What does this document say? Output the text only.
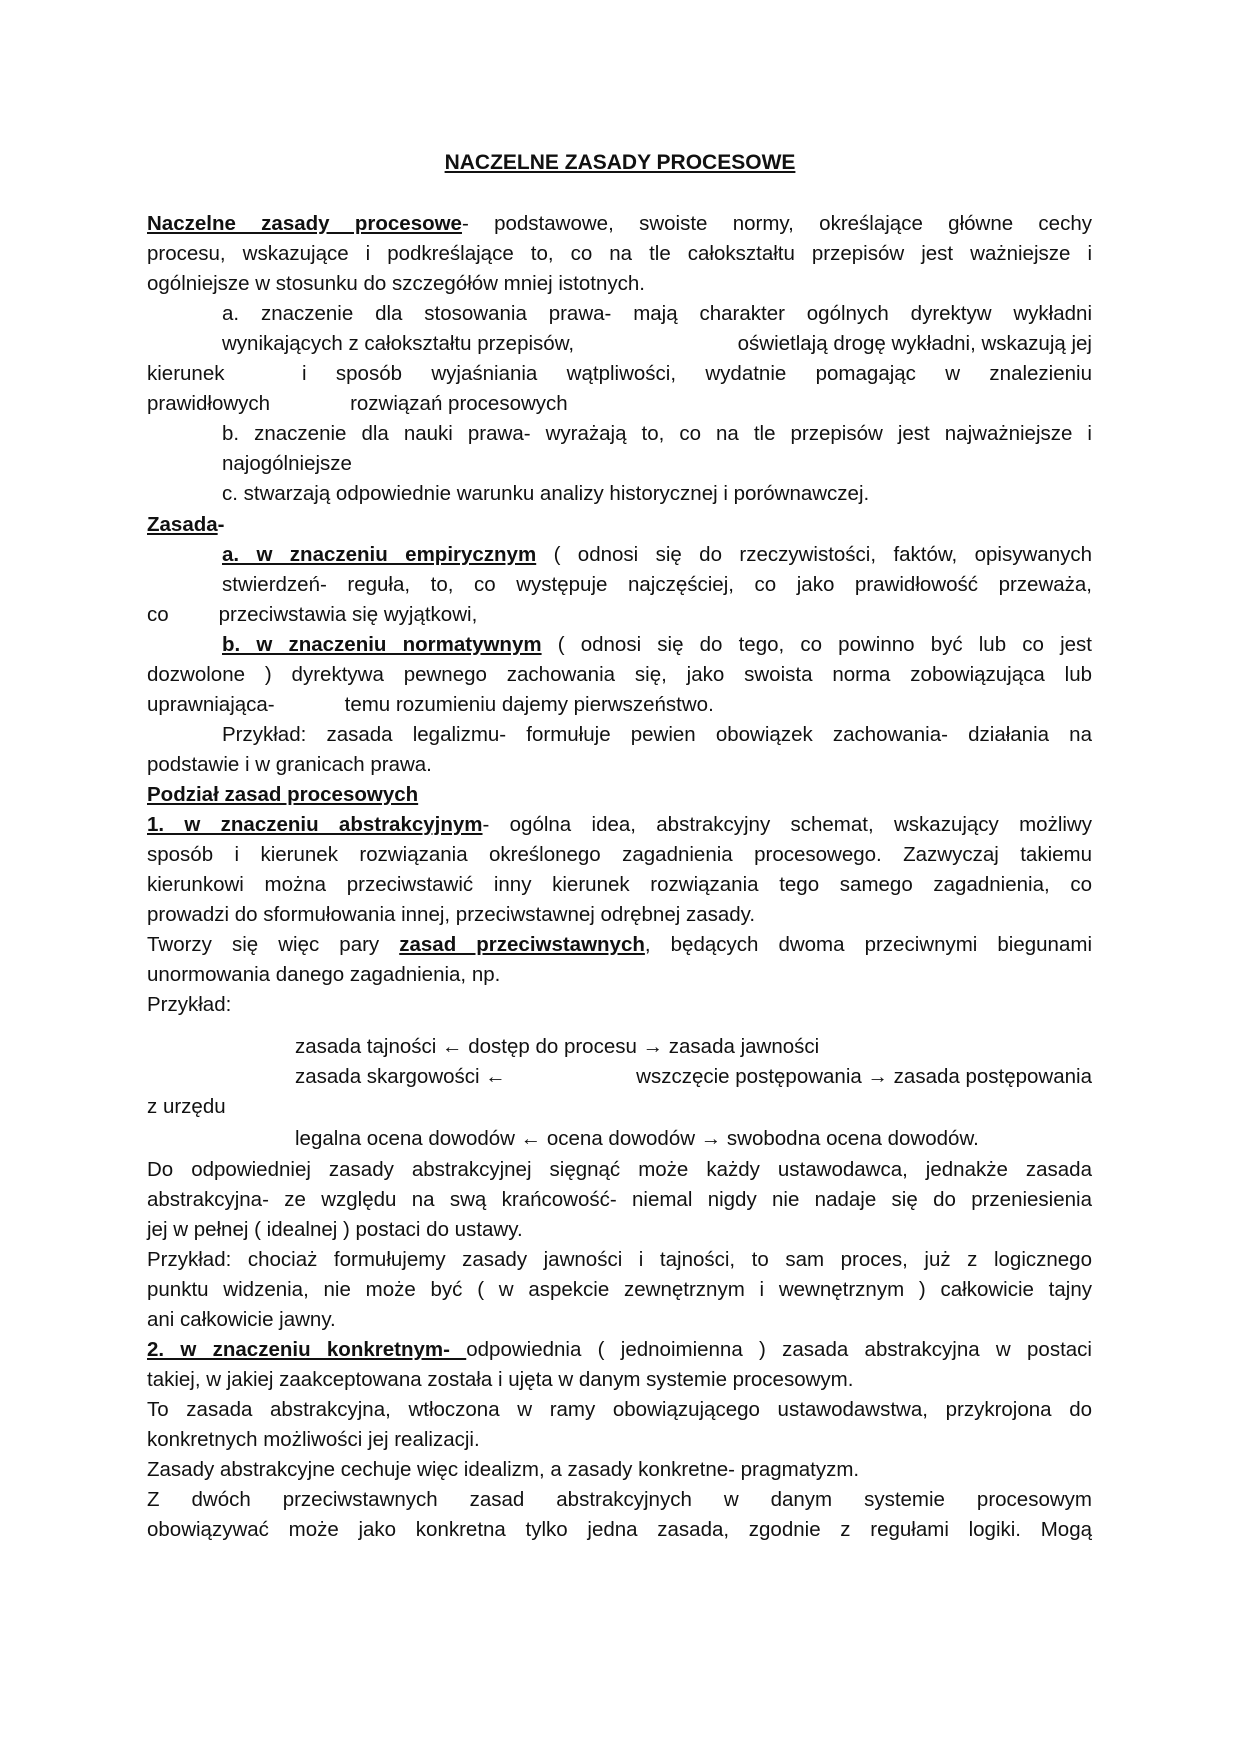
NACZELNE ZASADY PROCESOWE
Naczelne zasady procesowe- podstawowe, swoiste normy, określające główne cechy
procesu, wskazujące i podkreślające to, co na tle całokształtu przepisów jest ważniejsze i
ogólniejsze w stosunku do szczegółów mniej istotnych.
a. znaczenie dla stosowania prawa- mają charakter ogólnych dyrektyw wykładni
wynikających z całokształtu przepisów,	oświetlają drogę wykładni, wskazują jej
kierunek	i sposób wyjaśniania wątpliwości, wydatnie pomagając w znalezieniu
prawidłowych	rozwiązań procesowych
b. znaczenie dla nauki prawa- wyrażają to, co na tle przepisów jest najważniejsze i
najogólniejsze
c. stwarzają odpowiednie warunku analizy historycznej i porównawczej.
Zasada-
a. w znaczeniu empirycznym ( odnosi się do rzeczywistości, faktów, opisywanych
stwierdzeń- reguła, to, co występuje najczęściej, co jako prawidłowość przeważa,
co przeciwstawia się wyjątkowi,
b. w znaczeniu normatywnym ( odnosi się do tego, co powinno być lub co jest
dozwolone ) dyrektywa pewnego zachowania się, jako swoista norma zobowiązująca lub
uprawniająca-	temu rozumieniu dajemy pierwszeństwo.
Przykład: zasada legalizmu- formułuje pewien obowiązek zachowania- działania na
podstawie i w granicach prawa.
Podział zasad procesowych
1. w znaczeniu abstrakcyjnym- ogólna idea, abstrakcyjny schemat, wskazujący możliwy
sposób i kierunek rozwiązania określonego zagadnienia procesowego. Zazwyczaj takiemu
kierunkowi można przeciwstawić inny kierunek rozwiązania tego samego zagadnienia, co
prowadzi do sformułowania innej, przeciwstawnej odrębnej zasady.
Tworzy się więc pary zasad przeciwstawnych, będących dwoma przeciwnymi biegunami
unormowania danego zagadnienia, np.
Przykład:
zasada tajności ← dostęp do procesu → zasada jawności
zasada skargowości ←	wszczęcie postępowania → zasada postępowania
z urzędu
legalna ocena dowodów ← ocena dowodów → swobodna ocena dowodów.
Do odpowiedniej zasady abstrakcyjnej sięgnąć może każdy ustawodawca, jednakże zasada
abstrakcyjna- ze względu na swą krańcowość- niemal nigdy nie nadaje się do przeniesienia
jej w pełnej ( idealnej ) postaci do ustawy.
Przykład: chociaż formułujemy zasady jawności i tajności, to sam proces, już z logicznego
punktu widzenia, nie może być ( w aspekcie zewnętrznym i wewnętrznym ) całkowicie tajny
ani całkowicie jawny.
2. w znaczeniu konkretnym- odpowiednia ( jednoimienna ) zasada abstrakcyjna w postaci
takiej, w jakiej zaakceptowana została i ujęta w danym systemie procesowym.
To zasada abstrakcyjna, wtłoczona w ramy obowiązującego ustawodawstwa, przykrojona do
konkretnych możliwości jej realizacji.
Zasady abstrakcyjne cechuje więc idealizm, a zasady konkretne- pragmatyzm.
Z dwóch przeciwstawnych zasad abstrakcyjnych w danym systemie procesowym
obowiązywać może jako konkretna tylko jedna zasada, zgodnie z regułami logiki. Mogą
